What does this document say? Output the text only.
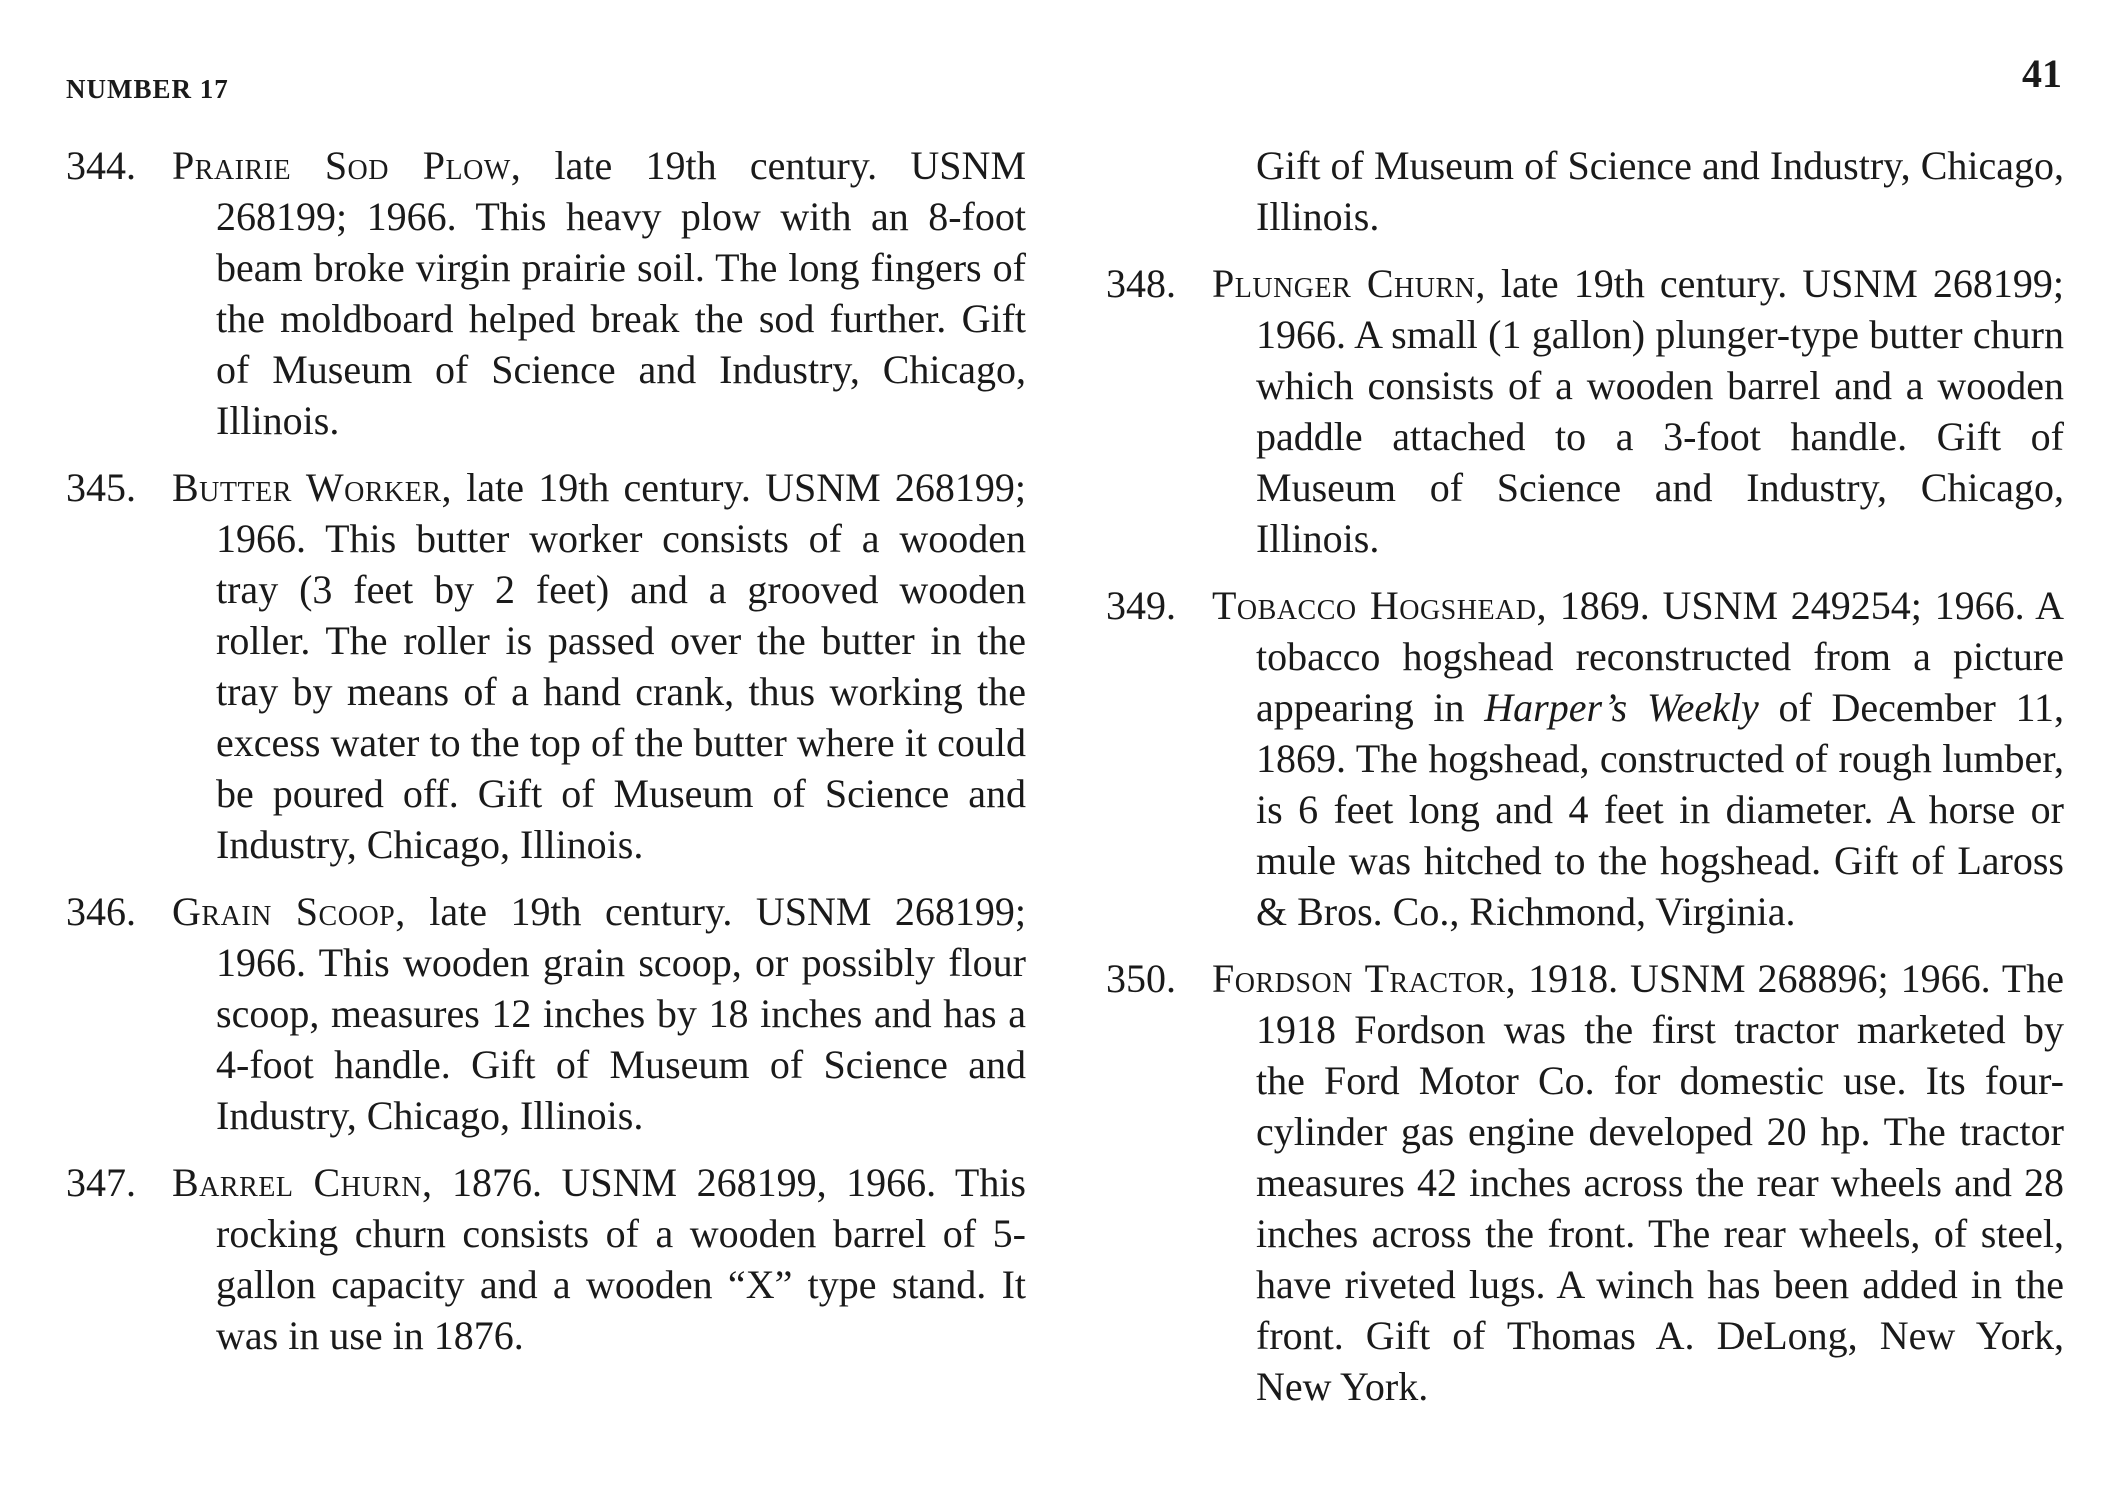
NUMBER 17	41
344. Prairie Sod Plow, late 19th century. USNM 268199; 1966. This heavy plow with an 8-foot beam broke virgin prairie soil. The long fingers of the moldboard helped break the sod further. Gift of Museum of Science and Industry, Chicago, Illinois.
345. Butter Worker, late 19th century. USNM 268199; 1966. This butter worker consists of a wooden tray (3 feet by 2 feet) and a grooved wooden roller. The roller is passed over the butter in the tray by means of a hand crank, thus working the excess water to the top of the butter where it could be poured off. Gift of Museum of Science and Industry, Chicago, Illinois.
346. Grain Scoop, late 19th century. USNM 268199; 1966. This wooden grain scoop, or possibly flour scoop, measures 12 inches by 18 inches and has a 4-foot handle. Gift of Museum of Science and Industry, Chicago, Illinois.
347. Barrel Churn, 1876. USNM 268199, 1966. This rocking churn consists of a wooden barrel of 5-gallon capacity and a wooden “X” type stand. It was in use in 1876.
Gift of Museum of Science and Industry, Chicago, Illinois.
348. Plunger Churn, late 19th century. USNM 268199; 1966. A small (1 gallon) plunger-type butter churn which consists of a wooden barrel and a wooden paddle attached to a 3-foot handle. Gift of Museum of Science and Industry, Chicago, Illinois.
349. Tobacco Hogshead, 1869. USNM 249254; 1966. A tobacco hogshead reconstructed from a picture appearing in Harper’s Weekly of December 11, 1869. The hogshead, constructed of rough lumber, is 6 feet long and 4 feet in diameter. A horse or mule was hitched to the hogshead. Gift of Laross & Bros. Co., Richmond, Virginia.
350. Fordson Tractor, 1918. USNM 268896; 1966. The 1918 Fordson was the first tractor marketed by the Ford Motor Co. for domestic use. Its four-cylinder gas engine developed 20 hp. The tractor measures 42 inches across the rear wheels and 28 inches across the front. The rear wheels, of steel, have riveted lugs. A winch has been added in the front. Gift of Thomas A. DeLong, New York, New York.
